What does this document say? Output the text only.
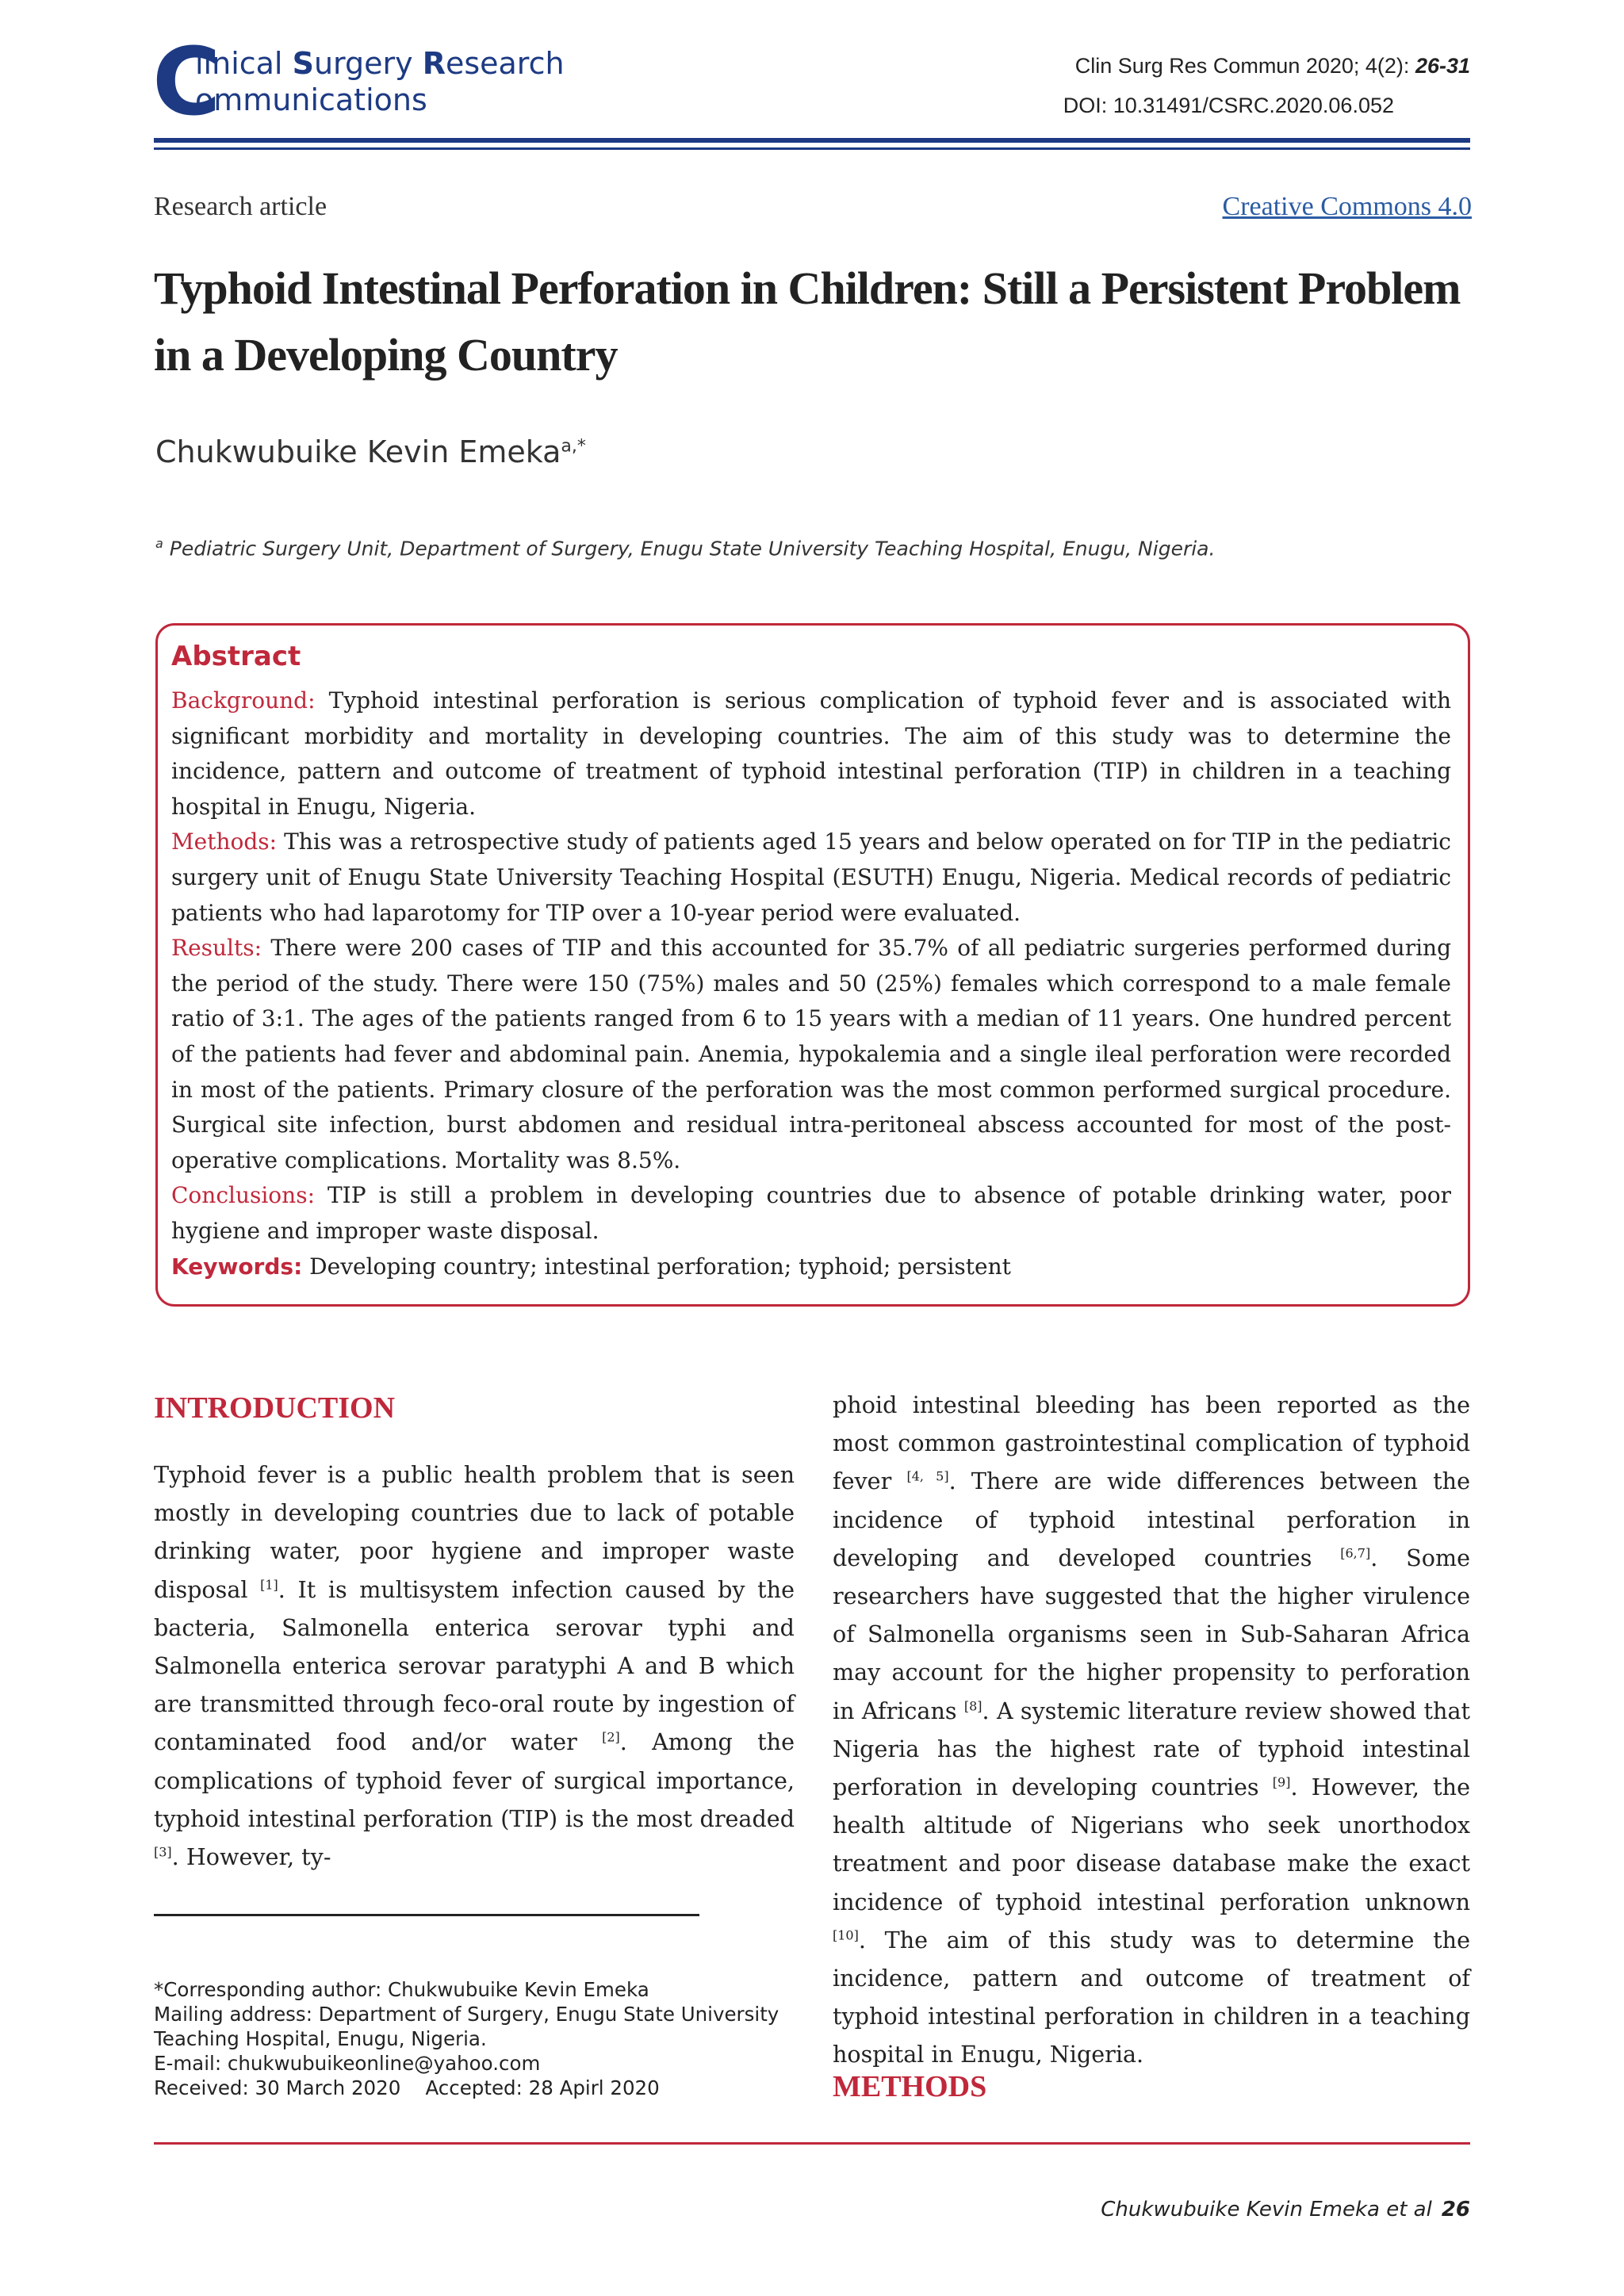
C
linical Surgery Research
ommunications
Clin Surg Res Commun 2020; 4(2): 26-31
DOI: 10.31491/CSRC.2020.06.052
Research article	Creative Commons 4.0
Typhoid Intestinal Perforation in Children: Still a Persistent Problem
in a Developing Country
Chukwubuike Kevin Emeka$^{a,*}$
$^a$ Pediatric Surgery Unit, Department of Surgery, Enugu State University Teaching Hospital, Enugu, Nigeria.
Abstract
Background: Typhoid intestinal perforation is serious complication of typhoid fever and is associated with significant morbidity and mortality in developing countries. The aim of this study was to determine the incidence, pattern and outcome of treatment of typhoid intestinal perforation (TIP) in children in a teaching hospital in Enugu, Nigeria.
Methods: This was a retrospective study of patients aged 15 years and below operated on for TIP in the pediatric surgery unit of Enugu State University Teaching Hospital (ESUTH) Enugu, Nigeria. Medical records of pediatric patients who had laparotomy for TIP over a 10-year period were evaluated.
Results: There were 200 cases of TIP and this accounted for 35.7% of all pediatric surgeries performed during the period of the study. There were 150 (75%) males and 50 (25%) females which correspond to a male female ratio of 3:1. The ages of the patients ranged from 6 to 15 years with a median of 11 years. One hundred percent of the patients had fever and abdominal pain. Anemia, hypokalemia and a single ileal perforation were recorded in most of the patients. Primary closure of the perforation was the most common performed surgical procedure. Surgical site infection, burst abdomen and residual intra-peritoneal abscess accounted for most of the post-operative complications. Mortality was 8.5%.
Conclusions: TIP is still a problem in developing countries due to absence of potable drinking water, poor hygiene and improper waste disposal.
Keywords: Developing country; intestinal perforation; typhoid; persistent
INTRODUCTION
Typhoid fever is a public health problem that is seen mostly in developing countries due to lack of potable drinking water, poor hygiene and improper waste disposal [1]. It is multisystem infection caused by the bacteria, Salmonella enterica serovar typhi and Salmonella enterica serovar paratyphi A and B which are transmitted through feco-oral route by ingestion of contaminated food and/or water [2]. Among the complications of typhoid fever of surgical importance, typhoid intestinal perforation (TIP) is the most dreaded [3]. However, ty-
*Corresponding author: Chukwubuike Kevin Emeka
Mailing address: Department of Surgery, Enugu State University Teaching Hospital, Enugu, Nigeria.
E-mail: chukwubuikeonline@yahoo.com
Received: 30 March 2020 Accepted: 28 Apirl 2020
phoid intestinal bleeding has been reported as the most common gastrointestinal complication of typhoid fever [4, 5]. There are wide differences between the incidence of typhoid intestinal perforation in developing and developed countries [6,7]. Some researchers have suggested that the higher virulence of Salmonella organisms seen in Sub-Saharan Africa may account for the higher propensity to perforation in Africans [8]. A systemic literature review showed that Nigeria has the highest rate of typhoid intestinal perforation in developing countries [9]. However, the health altitude of Nigerians who seek unorthodox treatment and poor disease database make the exact incidence of typhoid intestinal perforation unknown [10]. The aim of this study was to determine the incidence, pattern and outcome of treatment of typhoid intestinal perforation in children in a teaching hospital in Enugu, Nigeria.
METHODS
Chukwubuike Kevin Emeka et al 26
